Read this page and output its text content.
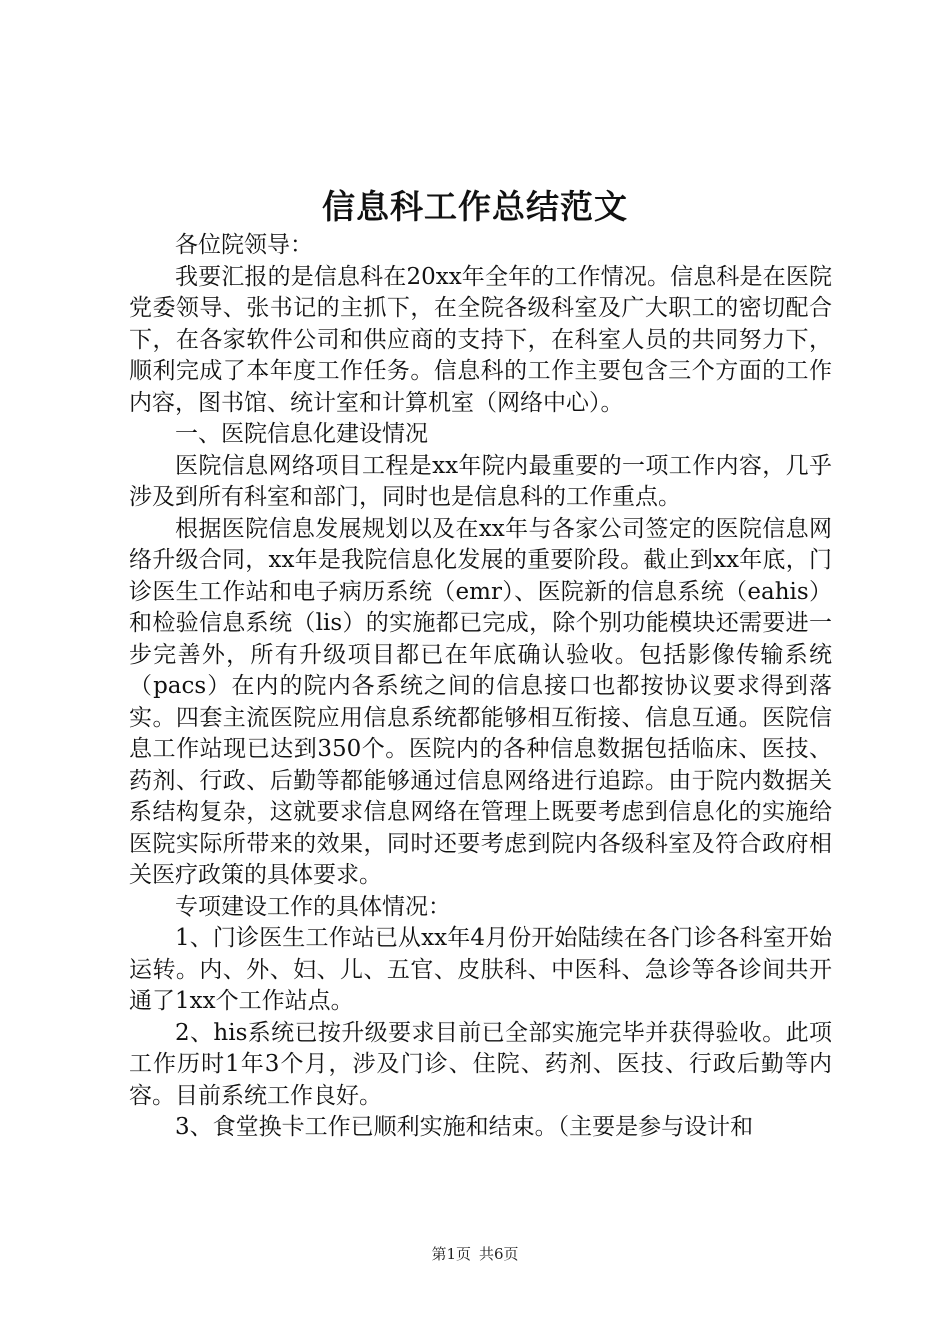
信息科工作总结范文

各位院领导：

我要汇报的是信息科在20xx年全年的工作情况。信息科是在医院党委领导、张书记的主抓下，在全院各级科室及广大职工的密切配合下，在各家软件公司和供应商的支持下，在科室人员的共同努力下，顺利完成了本年度工作任务。信息科的工作主要包含三个方面的工作内容，图书馆、统计室和计算机室（网络中心）。

一、医院信息化建设情况

医院信息网络项目工程是xx年院内最重要的一项工作内容，几乎涉及到所有科室和部门，同时也是信息科的工作重点。

根据医院信息发展规划以及在xx年与各家公司签定的医院信息网络升级合同，xx年是我院信息化发展的重要阶段。截止到xx年底，门诊医生工作站和电子病历系统（emr）、医院新的信息系统（eahis）和检验信息系统（lis）的实施都已完成，除个别功能模块还需要进一步完善外，所有升级项目都已在年底确认验收。包括影像传输系统（pacs）在内的院内各系统之间的信息接口也都按协议要求得到落实。四套主流医院应用信息系统都能够相互衔接、信息互通。医院信息工作站现已达到350个。医院内的各种信息数据包括临床、医技、药剂、行政、后勤等都能够通过信息网络进行追踪。由于院内数据关系结构复杂，这就要求信息网络在管理上既要考虑到信息化的实施给医院实际所带来的效果，同时还要考虑到院内各级科室及符合政府相关医疗政策的具体要求。

专项建设工作的具体情况：

1、门诊医生工作站已从xx年4月份开始陆续在各门诊各科室开始运转。内、外、妇、儿、五官、皮肤科、中医科、急诊等各诊间共开通了1xx个工作站点。

2、his系统已按升级要求目前已全部实施完毕并获得验收。此项工作历时1年3个月，涉及门诊、住院、药剂、医技、行政后勤等内容。目前系统工作良好。

3、食堂换卡工作已顺利实施和结束。（主要是参与设计和

第1页 共6页
